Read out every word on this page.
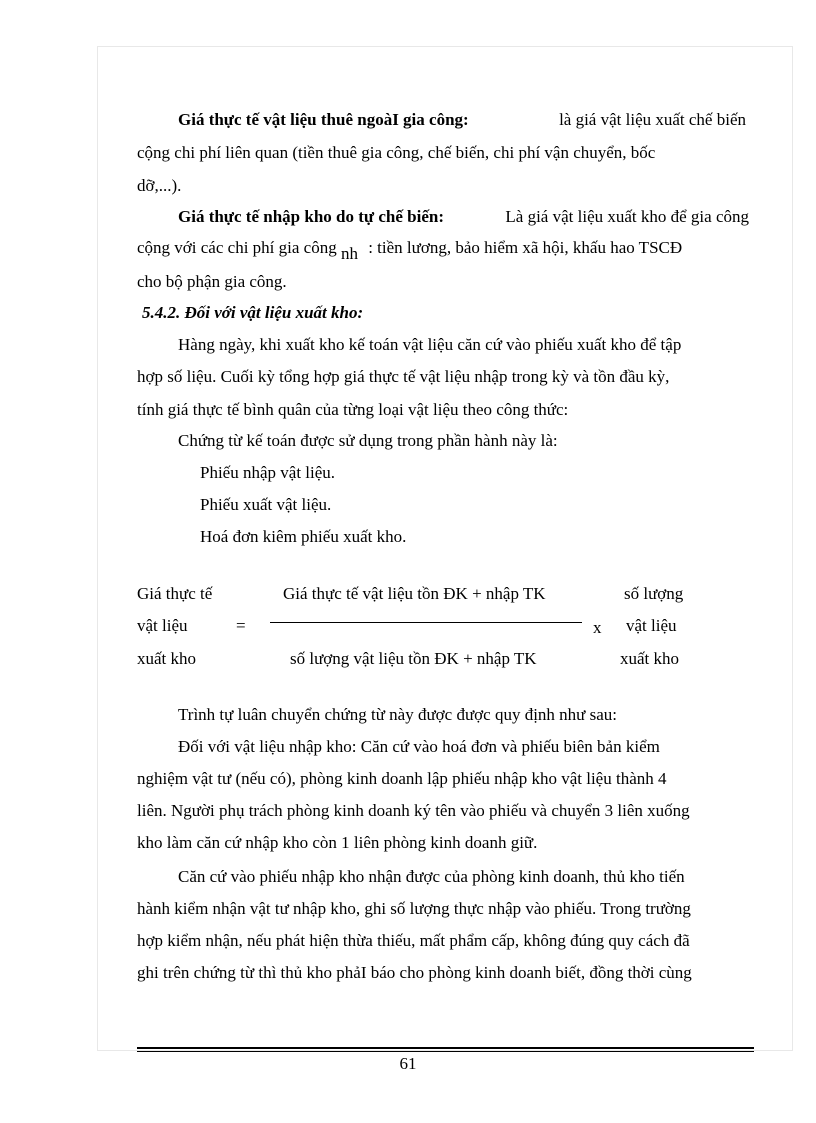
Giá thực tế vật liệu thuê ngoàI gia công:	là giá vật liệu xuất chế biến
cộng chi phí liên quan (tiền thuê gia công, chế biến, chi phí vận chuyển, bốc
dỡ,...).
Giá thực tế nhập kho do tự chế biến:	Là giá vật liệu xuất kho để gia công
cộng với các chi phí gia công nh : tiền lương, bảo hiểm xã hội, khấu hao TSCĐ
cho bộ phận gia công.
5.4.2. Đối với vật liệu xuất kho:
Hàng ngày, khi xuất kho kế toán vật liệu căn cứ vào phiếu xuất kho để tập
hợp số liệu. Cuối kỳ tổng hợp giá thực tế vật liệu nhập trong kỳ và tồn đầu kỳ,
tính giá thực tế bình quân của từng loại vật liệu theo công thức:
Chứng từ kế toán được sử dụng trong phần hành này là:
Phiếu nhập vật liệu.
Phiếu xuất vật liệu.
Hoá đơn kiêm phiếu xuất kho.
Giá thực tế
vật liệu
xuất kho
=
Giá thực tế vật liệu tồn ĐK + nhập TK
số lượng vật liệu tồn ĐK + nhập TK
x
số lượng
vật liệu
xuất kho
Trình tự luân chuyển chứng từ này được được quy định như sau:
Đối với vật liệu nhập kho: Căn cứ vào hoá đơn và phiếu biên bản kiểm
nghiệm vật tư (nếu có), phòng kinh doanh lập phiếu nhập kho vật liệu thành 4
liên. Người phụ trách phòng kinh doanh ký tên vào phiếu và chuyển 3 liên xuống
kho làm căn cứ nhập kho còn 1 liên phòng kinh doanh giữ.
Căn cứ vào phiếu nhập kho nhận được của phòng kinh doanh, thủ kho tiến
hành kiểm nhận vật tư nhập kho, ghi số lượng thực nhập vào phiếu. Trong trường
hợp kiểm nhận, nếu phát hiện thừa thiếu, mất phẩm cấp, không đúng quy cách đã
ghi trên chứng từ thì thủ kho phảI báo cho phòng kinh doanh biết, đồng thời cùng
61
